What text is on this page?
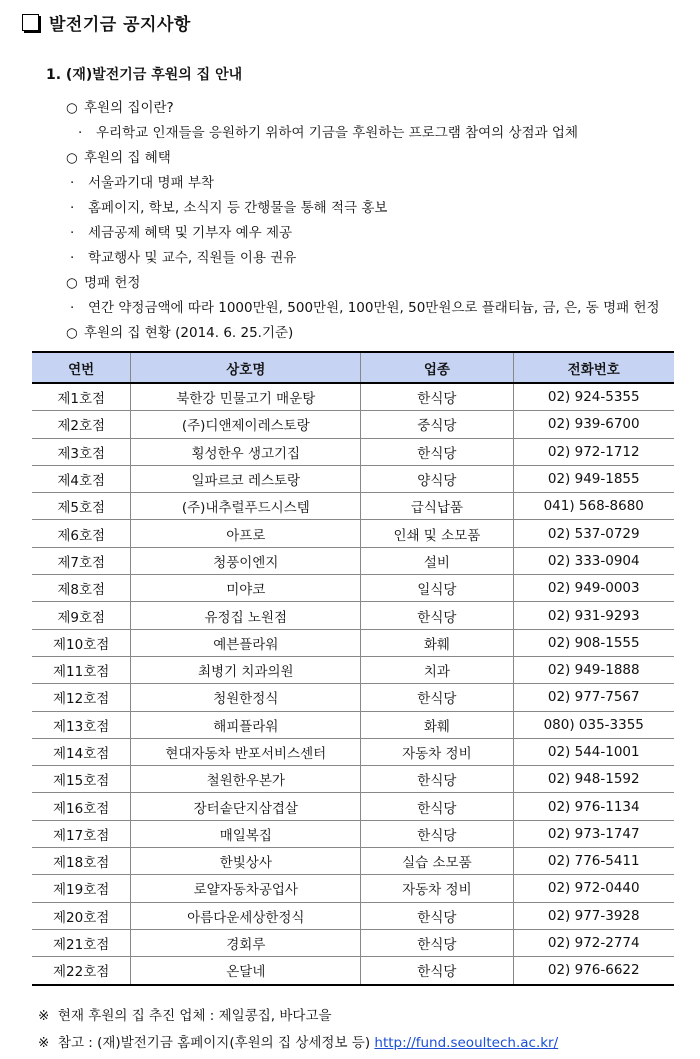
발전기금 공지사항
1. (재)발전기금 후원의 집 안내
○ 후원의 집이란?
· 우리학교 인재들을 응원하기 위하여 기금을 후원하는 프로그램 참여의 상점과 업체
○ 후원의 집 혜택
· 서울과기대 명패 부착
· 홈페이지, 학보, 소식지 등 간행물을 통해 적극 홍보
· 세금공제 혜택 및 기부자 예우 제공
· 학교행사 및 교수, 직원들 이용 권유
○ 명패 헌정
· 연간 약정금액에 따라 1000만원, 500만원, 100만원, 50만원으로 플래티늄, 금, 은, 동 명패 헌정
○ 후원의 집 현황 (2014. 6. 25.기준)
연번	상호명	업종	전화번호
제1호점	북한강 민물고기 매운탕	한식당	02) 924-5355
제2호점	(주)디앤제이레스토랑	중식당	02) 939-6700
제3호점	횡성한우 생고기집	한식당	02) 972-1712
제4호점	일파르코 레스토랑	양식당	02) 949-1855
제5호점	(주)내추럴푸드시스템	급식납품	041) 568-8680
제6호점	아프로	인쇄 및 소모품	02) 537-0729
제7호점	청풍이엔지	설비	02) 333-0904
제8호점	미야코	일식당	02) 949-0003
제9호점	유정집 노원점	한식당	02) 931-9293
제10호점	예븐플라워	화훼	02) 908-1555
제11호점	최병기 치과의원	치과	02) 949-1888
제12호점	청원한정식	한식당	02) 977-7567
제13호점	해피플라워	화훼	080) 035-3355
제14호점	현대자동차 반포서비스센터	자동차 정비	02) 544-1001
제15호점	철원한우본가	한식당	02) 948-1592
제16호점	장터솥단지삼겹살	한식당	02) 976-1134
제17호점	매일복집	한식당	02) 973-1747
제18호점	한빛상사	실습 소모품	02) 776-5411
제19호점	로얄자동차공업사	자동차 정비	02) 972-0440
제20호점	아름다운세상한정식	한식당	02) 977-3928
제21호점	경회루	한식당	02) 972-2774
제22호점	온달네	한식당	02) 976-6622
※ 현재 후원의 집 추진 업체 : 제일콩집, 바다고을
※ 참고 : (재)발전기금 홈페이지(후원의 집 상세정보 등) http://fund.seoultech.ac.kr/
